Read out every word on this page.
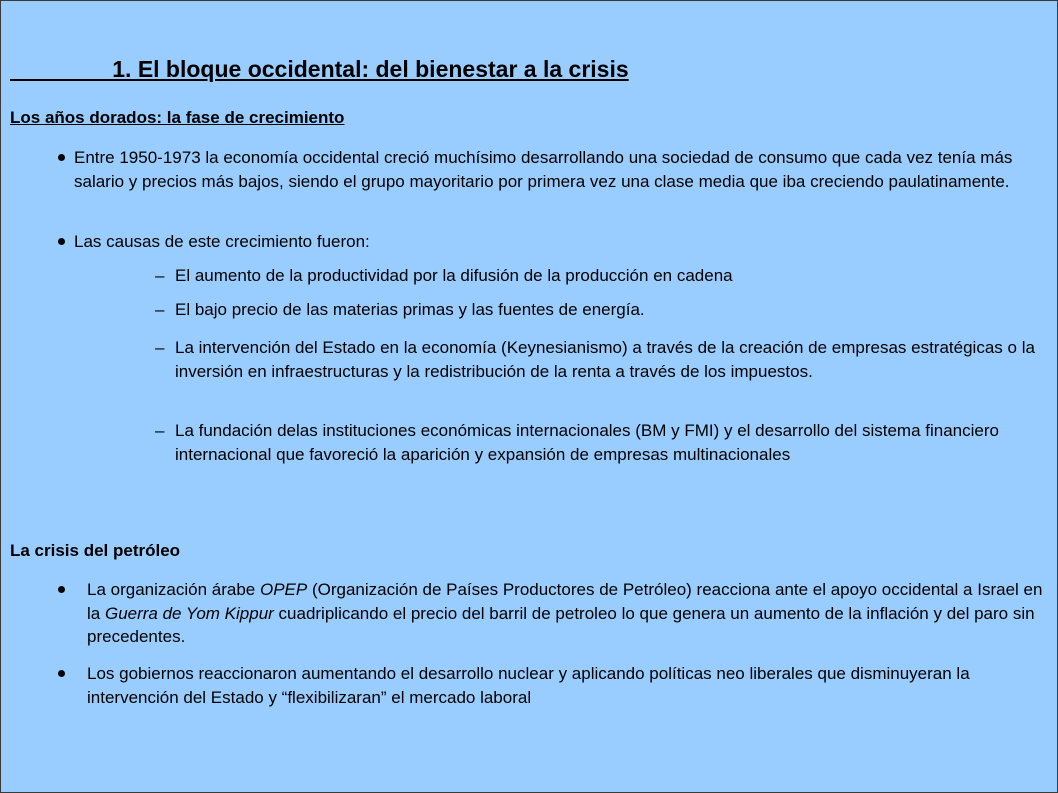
1. El bloque occidental: del bienestar a la crisis
Los años dorados: la fase de crecimiento

Entre 1950-1973 la economía occidental creció muchísimo desarrollando una sociedad de consumo que cada vez tenía más salario y precios más bajos, siendo el grupo mayoritario por primera vez una clase media que iba creciendo paulatinamente.

Las causas de este crecimiento fueron:

– El aumento de la productividad por la difusión de la producción en cadena

– El bajo precio de las materias primas y las fuentes de energía.

– La intervención del Estado en la economía (Keynesianismo) a través de la creación de empresas estratégicas o la inversión en infraestructuras y la redistribución de la renta a través de los impuestos.

– La fundación delas instituciones económicas internacionales (BM y FMI) y el desarrollo del sistema financiero internacional que favoreció la aparición y expansión de empresas multinacionales

La crisis del petróleo

La organización árabe OPEP (Organización de Países Productores de Petróleo) reacciona ante el apoyo occidental a Israel en la Guerra de Yom Kippur cuadriplicando el precio del barril de petroleo lo que genera un aumento de la inflación y del paro sin precedentes.

Los gobiernos reaccionaron aumentando el desarrollo nuclear y aplicando políticas neo liberales que disminuyeran la intervención del Estado y “flexibilizaran” el mercado laboral
